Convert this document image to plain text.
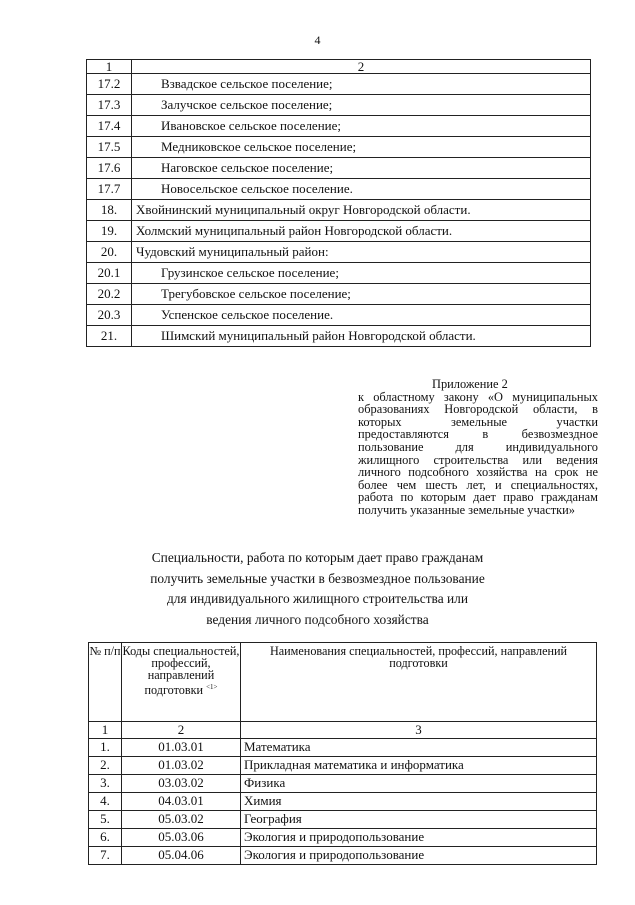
4
1	2
17.2	Взвадское сельское поселение;
17.3	Залучское сельское поселение;
17.4	Ивановское сельское поселение;
17.5	Медниковское сельское поселение;
17.6	Наговское сельское поселение;
17.7	Новосельское сельское поселение.
18.	Хвойнинский муниципальный округ Новгородской области.
19.	Холмский муниципальный район Новгородской области.
20.	Чудовский муниципальный район:
20.1	Грузинское сельское поселение;
20.2	Трегубовское сельское поселение;
20.3	Успенское сельское поселение.
21.	Шимский муниципальный район Новгородской области.
Приложение 2
к областному закону «О муниципальных образованиях Новгородской области, в которых земельные участки предоставляются в безвозмездное пользование для индивидуального жилищного строительства или ведения личного подсобного хозяйства на срок не более чем шесть лет, и специальностях, работа по которым дает право гражданам получить указанные земельные участки»
Специальности, работа по которым дает право гражданам
получить земельные участки в безвозмездное пользование
для индивидуального жилищного строительства или
ведения личного подсобного хозяйства
№ п/п	Коды специальностей, профессий, направлений подготовки $^{<1>}$	Наименования специальностей, профессий, направлений подготовки
1	2	3
1.	01.03.01	Математика
2.	01.03.02	Прикладная математика и информатика
3.	03.03.02	Физика
4.	04.03.01	Химия
5.	05.03.02	География
6.	05.03.06	Экология и природопользование
7.	05.04.06	Экология и природопользование
